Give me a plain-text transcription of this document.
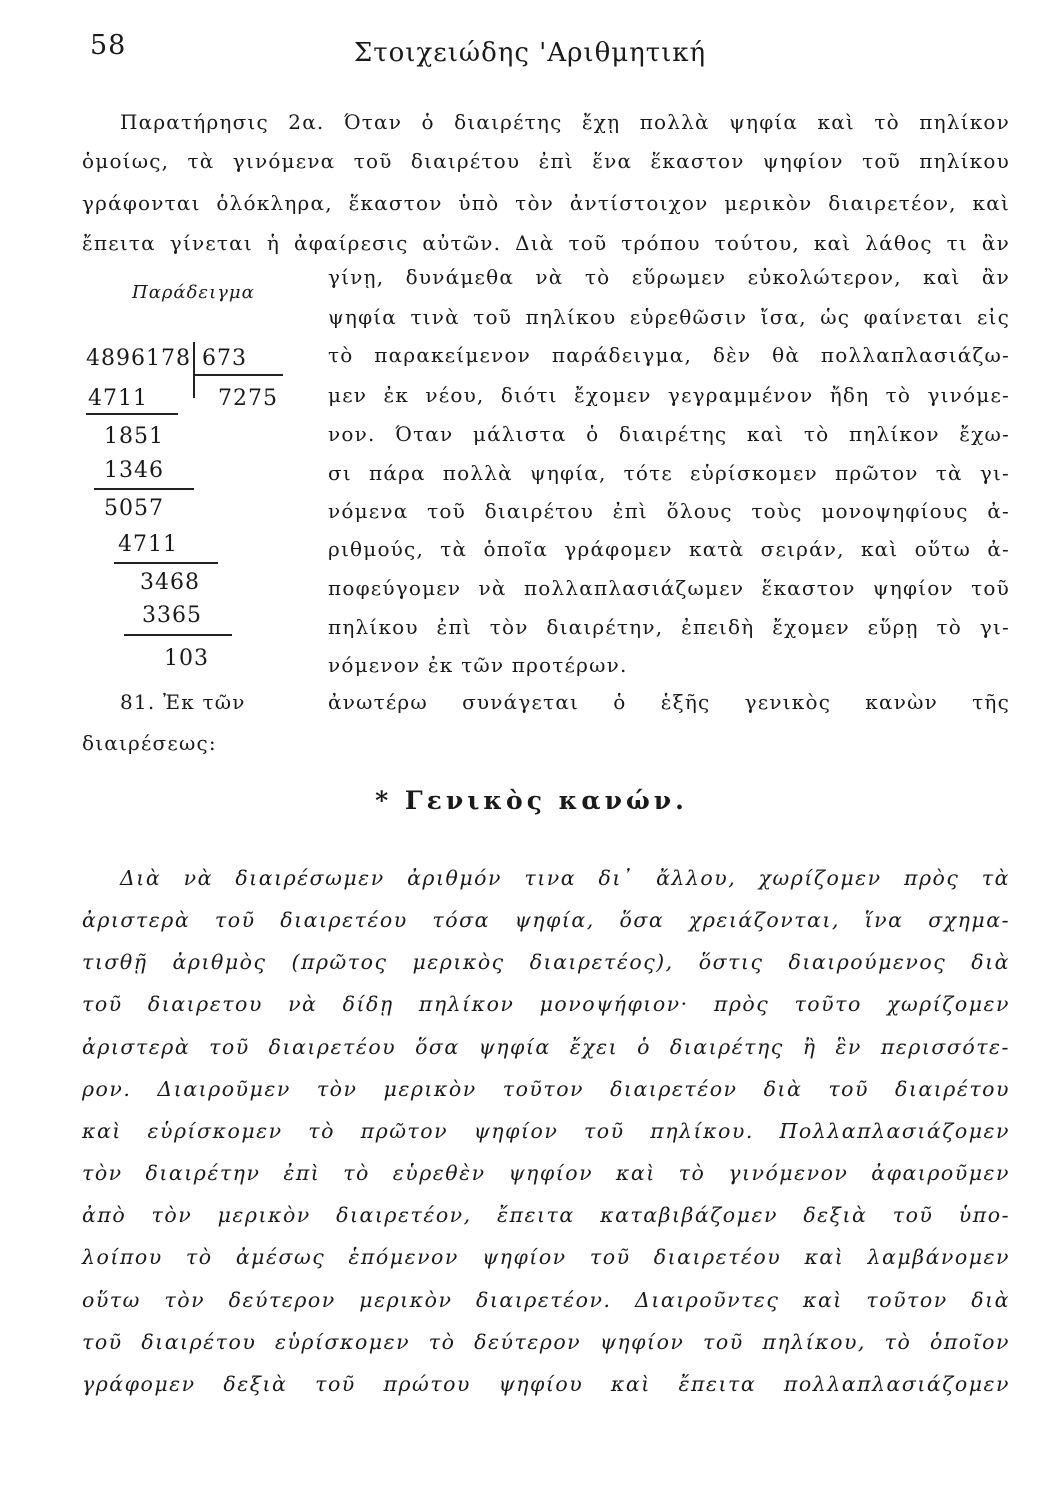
58	Στοιχειώδης 'Αριθμητική
Παρατήρησις 2α. Όταν ὁ διαιρέτης ἔχῃ πολλὰ ψηφία καὶ τὸ πηλίκον
ὁμοίως, τὰ γινόμενα τοῦ διαιρέτου ἐπὶ ἕνα ἕκαστον ψηφίον τοῦ πηλίκου
γράφονται ὁλόκληρα, ἕκαστον ὑπὸ τὸν ἀντίστοιχον μερικὸν διαιρετέον, καὶ
ἔπειτα γίνεται ἡ ἀφαίρεσις αὐτῶν. Διὰ τοῦ τρόπου τούτου, καὶ λάθος τι ἂν
γίνῃ, δυνάμεθα νὰ τὸ εὕρωμεν εὐκολώτερον, καὶ ἂν
ψηφία τινὰ τοῦ πηλίκου εὑρεθῶσιν ἴσα, ὡς φαίνεται εἰς
τὸ παρακείμενον παράδειγμα, δὲν θὰ πολλαπλασιάζω-
μεν ἐκ νέου, διότι ἔχομεν γεγραμμένον ἤδη τὸ γινόμε-
νον. Όταν μάλιστα ὁ διαιρέτης καὶ τὸ πηλίκον ἔχω-
σι πάρα πολλὰ ψηφία, τότε εὑρίσκομεν πρῶτον τὰ γι-
νόμενα τοῦ διαιρέτου ἐπὶ ὅλους τοὺς μονοψηφίους ἀ-
ριθμούς, τὰ ὁποῖα γράφομεν κατὰ σειράν, καὶ οὕτω ἀ-
ποφεύγομεν νὰ πολλαπλασιάζωμεν ἕκαστον ψηφίον τοῦ
πηλίκου ἐπὶ τὸν διαιρέτην, ἐπειδὴ ἔχομεν εὕρῃ τὸ γι-
νόμενον ἐκ τῶν προτέρων.
Παράδειγμα
4896178 673
4711	7275
1851
1346
5057
4711
3468
3365
103
81. Ἐκ τῶν	ἀνωτέρω συνάγεται ὁ ἑξῆς γενικὸς κανὼν τῆς
διαιρέσεως:
* Γενικὸς κανών.
Διὰ νὰ διαιρέσωμεν ἀριθμόν τινα δι᾽ ἄλλου, χωρίζομεν πρὸς τὰ
ἀριστερὰ τοῦ διαιρετέου τόσα ψηφία, ὅσα χρειάζονται, ἵνα σχημα-
τισθῇ ἀριθμὸς (πρῶτος μερικὸς διαιρετέος), ὅστις διαιρούμενος διὰ
τοῦ διαιρετου νὰ δίδῃ πηλίκον μονοψήφιον· πρὸς τοῦτο χωρίζομεν
ἀριστερὰ τοῦ διαιρετέου ὅσα ψηφία ἔχει ὁ διαιρέτης ἢ ἓν περισσότε-
ρον. Διαιροῦμεν τὸν μερικὸν τοῦτον διαιρετέον διὰ τοῦ διαιρέτου
καὶ εὑρίσκομεν τὸ πρῶτον ψηφίον τοῦ πηλίκου. Πολλαπλασιάζομεν
τὸν διαιρέτην ἐπὶ τὸ εὑρεθὲν ψηφίον καὶ τὸ γινόμενον ἀφαιροῦμεν
ἀπὸ τὸν μερικὸν διαιρετέον, ἔπειτα καταβιβάζομεν δεξιὰ τοῦ ὑπο-
λοίπου τὸ ἀμέσως ἑπόμενον ψηφίον τοῦ διαιρετέου καὶ λαμβάνομεν
οὕτω τὸν δεύτερον μερικὸν διαιρετέον. Διαιροῦντες καὶ τοῦτον διὰ
τοῦ διαιρέτου εὑρίσκομεν τὸ δεύτερον ψηφίον τοῦ πηλίκου, τὸ ὁποῖον
γράφομεν δεξιὰ τοῦ πρώτου ψηφίου καὶ ἔπειτα πολλαπλασιάζομεν
